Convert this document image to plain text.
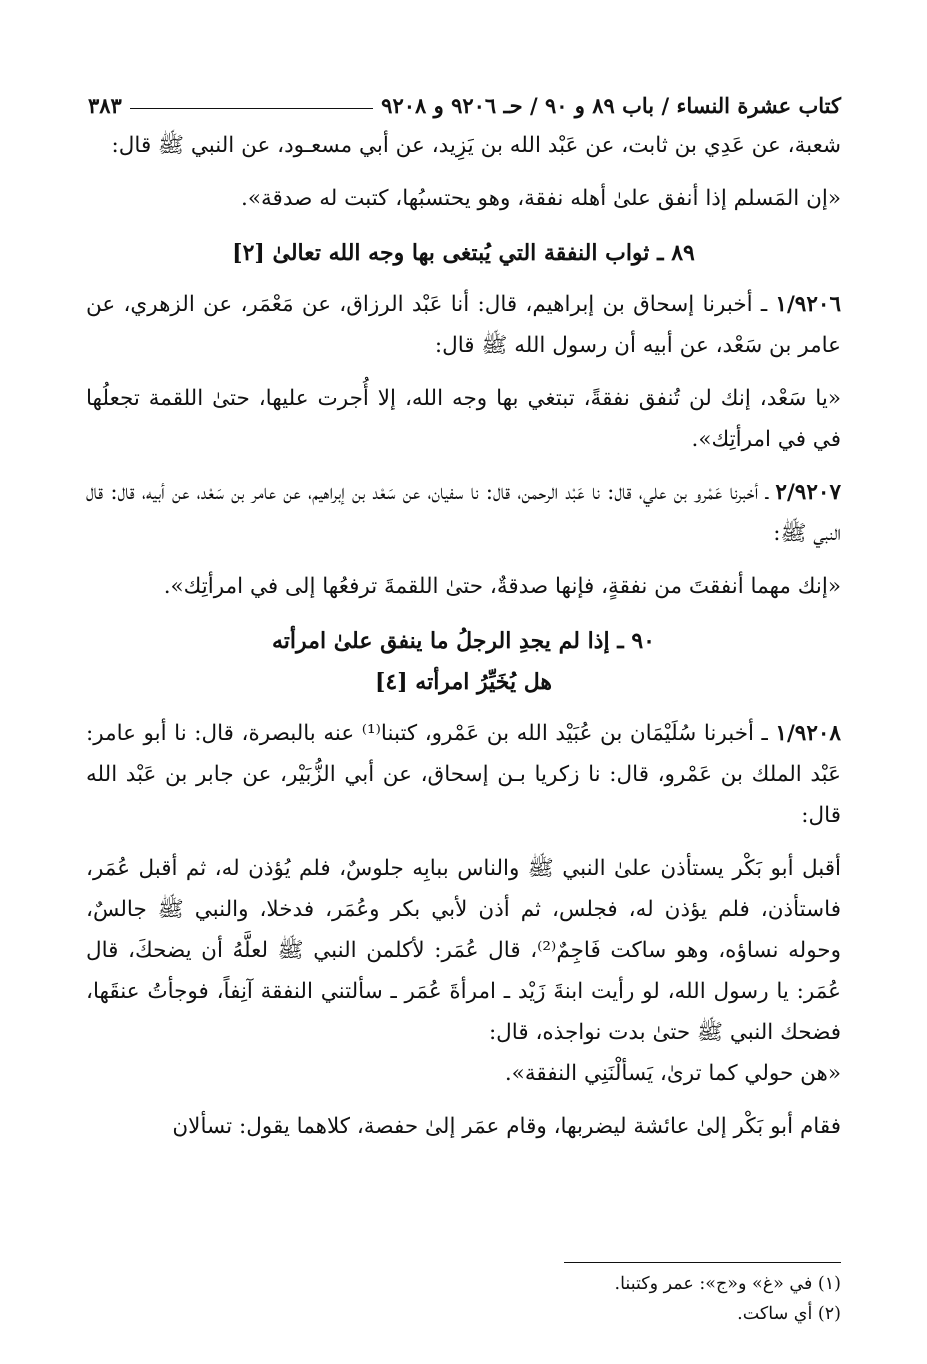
كتاب عشرة النساء / باب ٨٩ و ٩٠ / حـ ٩٢٠٦ و ٩٢٠٨
٣٨٣

شعبة، عن عَدِي بن ثابت، عن عَبْد الله بن يَزِيد، عن أبي مسعـود، عن النبي ﷺ قال:

«إن المَسلم إذا أنفق علىٰ أهله نفقة، وهو يحتسبُها، كتبت له صدقة».

٨٩ ـ ثواب النفقة التي يُبتغى بها وجه الله تعالىٰ [٢]

١/٩٢٠٦ ـ أخبرنا إسحاق بن إبراهيم، قال: أنا عَبْد الرزاق، عن مَعْمَر، عن الزهري، عن عامر بن سَعْد، عن أبيه أن رسول الله ﷺ قال:

«يا سَعْد، إنك لن تُنفق نفقةً، تبتغي بها وجه الله، إلا أُجرت عليها، حتىٰ اللقمة تجعلُها في في امرأتِك».

٢/٩٢٠٧ ـ أخبرنا عَمْرو بن علي، قال: نا عَبْد الرحمن، قال: نا سفيان، عن سَعْد بن إبراهيم، عن عامر بن سَعْد، عن أبيه، قال: قال النبي ﷺ:

«إنك مهما أنفقتَ من نفقةٍ، فإنها صدقةٌ، حتىٰ اللقمةَ ترفعُها إلى في امرأتِك».

٩٠ ـ إذا لم يجدِ الرجلُ ما ينفق علىٰ امرأته

هل يُخَيِّرُ امرأته [٤]

١/٩٢٠٨ ـ أخبرنا سُلَيْمَان بن عُبَيْد الله بن عَمْرو، كتبنا⁽¹⁾ عنه بالبصرة، قال: نا أبو عامر: عَبْد الملك بن عَمْرو، قال: نا زكريا بـن إسحاق، عن أبي الزُّبَيْر، عن جابر بن عَبْد الله قال:

أقبل أبو بَكْر يستأذن علىٰ النبي ﷺ والناس ببابِه جلوسٌ، فلم يُؤذن له، ثم أقبل عُمَر، فاستأذن، فلم يؤذن له، فجلس، ثم أذن لأبي بكر وعُمَر، فدخلا، والنبي ﷺ جالسٌ، وحوله نساؤه، وهو ساكت فَاجِمٌ⁽²⁾، قال عُمَر: لأكلمن النبي ﷺ لعلَّهُ أن يضحكَ، قال عُمَر: يا رسول الله، لو رأيت ابنةَ زَيْد ـ امرأةَ عُمَر ـ سألتني النفقة آنِفاً، فوجأتُ عنقَها، فضحك النبي ﷺ حتىٰ بدت نواجذه، قال:

«هن حولي كما ترىٰ، يَسألْنَنِي النفقة».

فقام أبو بَكْر إلىٰ عائشة ليضربها، وقام عمَر إلىٰ حفصة، كلاهما يقول: تسألان

(١) في «غ» و«ج»: عمر وكتبنا.

(٢) أي ساكت.
